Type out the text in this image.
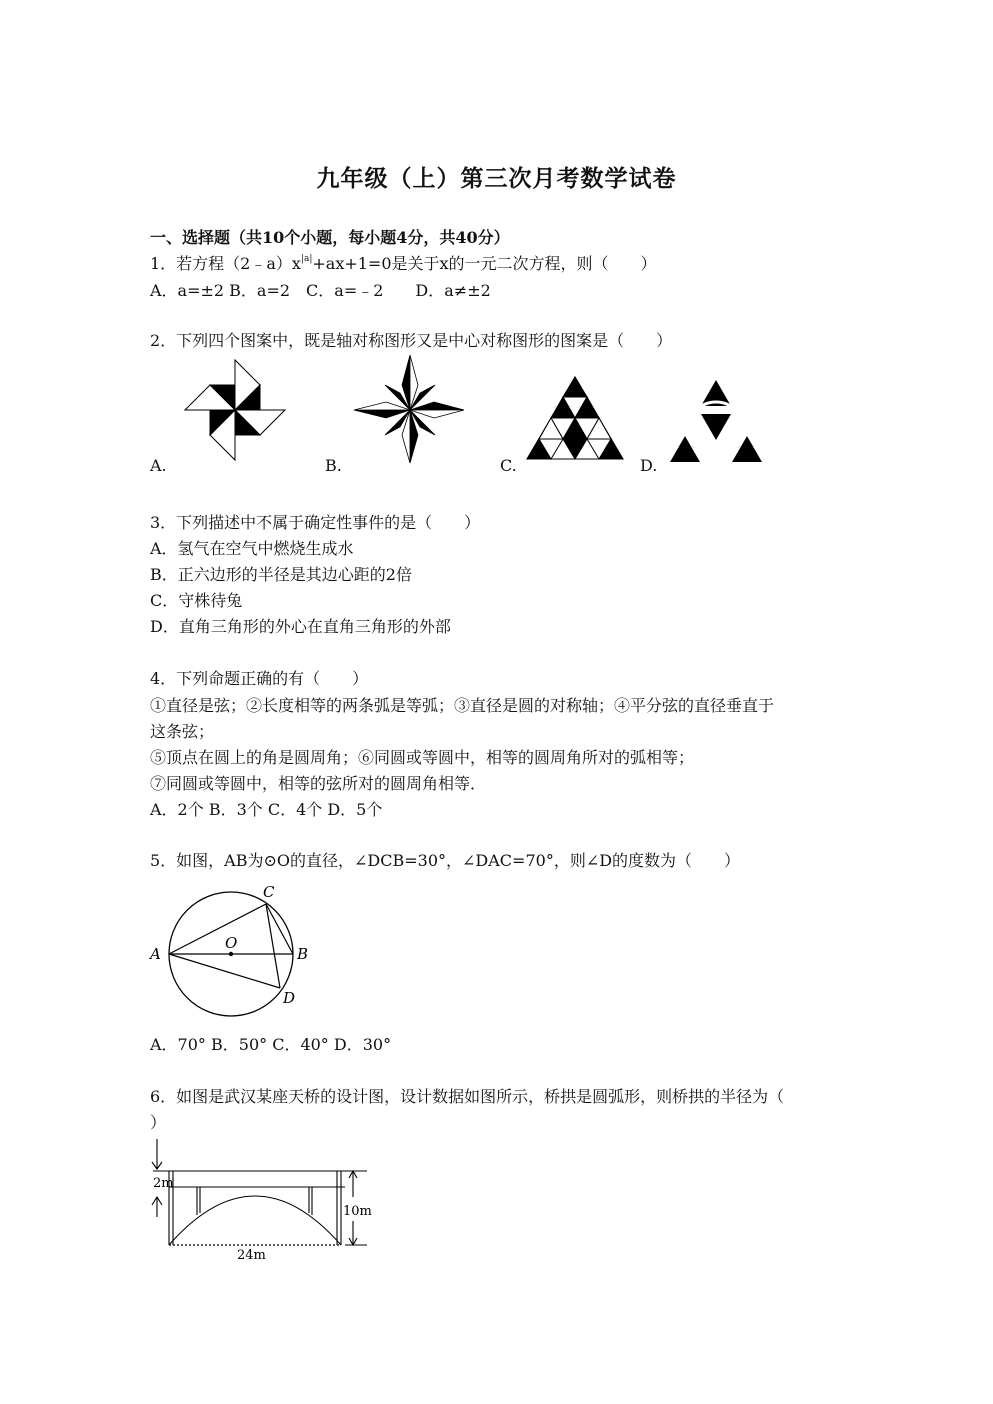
九年级（上）第三次月考数学试卷
一、选择题（共10个小题，每小题4分，共40分）
1．若方程$(2﹣a)x^{|a|}+ax+1=0$是关于x的一元二次方程，则（　　）
A．a=±2 B．a=2　C．a=﹣2　　D．a≠±2
2．下列四个图案中，既是轴对称图形又是中心对称图形的图案是（　　）
A.	B.	C.	D.
3．下列描述中不属于确定性事件的是（　　）
A．氢气在空气中燃烧生成水
B．正六边形的半径是其边心距的2倍
C．守株待兔
D．直角三角形的外心在直角三角形的外部
4．下列命题正确的有（　　）
①直径是弦；②长度相等的两条弧是等弧；③直径是圆的对称轴；④平分弦的直径垂直于
这条弦；
⑤顶点在圆上的角是圆周角；⑥同圆或等圆中，相等的圆周角所对的弧相等；
⑦同圆或等圆中，相等的弦所对的圆周角相等．
A．2个 B．3个 C．4个 D．5个
5．如图，AB为⊙O的直径，∠DCB=30°，∠DAC=70°，则∠D的度数为（　　）
A	B
C
D
O
A．70° B．50° C．40° D．30°
6．如图是武汉某座天桥的设计图，设计数据如图所示，桥拱是圆弧形，则桥拱的半径为（
）
2m
10m
24m
